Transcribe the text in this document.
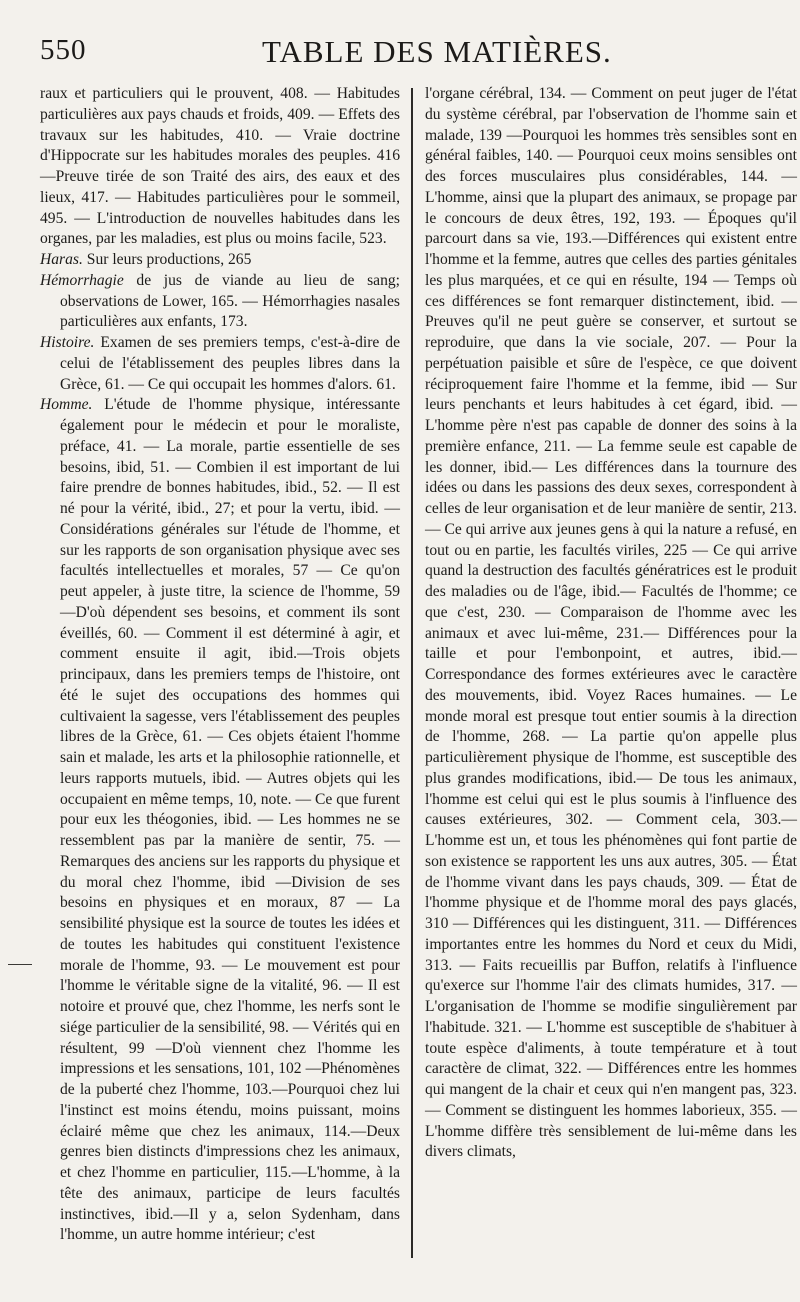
550	TABLE DES MATIÈRES.

raux et particuliers qui le prouvent, 408. — Habitudes particulières aux pays chauds et froids, 409. — Effets des travaux sur les habitudes, 410. — Vraie doctrine d'Hippocrate sur les habitudes morales des peuples. 416—Preuve tirée de son Traité des airs, des eaux et des lieux, 417. — Habitudes particulières pour le sommeil, 495. — L'introduction de nouvelles habitudes dans les organes, par les maladies, est plus ou moins facile, 523.

Haras. Sur leurs productions, 265

Hémorrhagie de jus de viande au lieu de sang; observations de Lower, 165. — Hémorrhagies nasales particulières aux enfants, 173.

Histoire. Examen de ses premiers temps, c'est-à-dire de celui de l'établissement des peuples libres dans la Grèce, 61. — Ce qui occupait les hommes d'alors. 61.

Homme. L'étude de l'homme physique, intéressante également pour le médecin et pour le moraliste, préface, 41. — La morale, partie essentielle de ses besoins, ibid, 51. — Combien il est important de lui faire prendre de bonnes habitudes, ibid., 52. — Il est né pour la vérité, ibid., 27; et pour la vertu, ibid. — Considérations générales sur l'étude de l'homme, et sur les rapports de son organisation physique avec ses facultés intellectuelles et morales, 57 — Ce qu'on peut appeler, à juste titre, la science de l'homme, 59 —D'où dépendent ses besoins, et comment ils sont éveillés, 60. — Comment il est déterminé à agir, et comment ensuite il agit, ibid.—Trois objets principaux, dans les premiers temps de l'histoire, ont été le sujet des occupations des hommes qui cultivaient la sagesse, vers l'établissement des peuples libres de la Grèce, 61. — Ces objets étaient l'homme sain et malade, les arts et la philosophie rationnelle, et leurs rapports mutuels, ibid. — Autres objets qui les occupaient en même temps, 10, note. — Ce que furent pour eux les théogonies, ibid. — Les hommes ne se ressemblent pas par la manière de sentir, 75. — Remarques des anciens sur les rapports du physique et du moral chez l'homme, ibid —Division de ses besoins en physiques et en moraux, 87 — La sensibilité physique est la source de toutes les idées et de toutes les habitudes qui constituent l'existence morale de l'homme, 93. — Le mouvement est pour l'homme le véritable signe de la vitalité, 96. — Il est notoire et prouvé que, chez l'homme, les nerfs sont le siége particulier de la sensibilité, 98. — Vérités qui en résultent, 99 —D'où viennent chez l'homme les impressions et les sensations, 101, 102 —Phénomènes de la puberté chez l'homme, 103.—Pourquoi chez lui l'instinct est moins étendu, moins puissant, moins éclairé même que chez les animaux, 114.—Deux genres bien distincts d'impressions chez les animaux, et chez l'homme en particulier, 115.—L'homme, à la tête des animaux, participe de leurs facultés instinctives, ibid.—Il y a, selon Sydenham, dans l'homme, un autre homme intérieur; c'est

l'organe cérébral, 134. — Comment on peut juger de l'état du système cérébral, par l'observation de l'homme sain et malade, 139 —Pourquoi les hommes très sensibles sont en général faibles, 140. — Pourquoi ceux moins sensibles ont des forces musculaires plus considérables, 144. — L'homme, ainsi que la plupart des animaux, se propage par le concours de deux êtres, 192, 193. — Époques qu'il parcourt dans sa vie, 193.—Différences qui existent entre l'homme et la femme, autres que celles des parties génitales les plus marquées, et ce qui en résulte, 194 — Temps où ces différences se font remarquer distinctement, ibid. — Preuves qu'il ne peut guère se conserver, et surtout se reproduire, que dans la vie sociale, 207. — Pour la perpétuation paisible et sûre de l'espèce, ce que doivent réciproquement faire l'homme et la femme, ibid — Sur leurs penchants et leurs habitudes à cet égard, ibid. — L'homme père n'est pas capable de donner des soins à la première enfance, 211. — La femme seule est capable de les donner, ibid.— Les différences dans la tournure des idées ou dans les passions des deux sexes, correspondent à celles de leur organisation et de leur manière de sentir, 213. — Ce qui arrive aux jeunes gens à qui la nature a refusé, en tout ou en partie, les facultés viriles, 225 — Ce qui arrive quand la destruction des facultés génératrices est le produit des maladies ou de l'âge, ibid.— Facultés de l'homme; ce que c'est, 230. — Comparaison de l'homme avec les animaux et avec lui-même, 231.— Différences pour la taille et pour l'embonpoint, et autres, ibid.— Correspondance des formes extérieures avec le caractère des mouvements, ibid. Voyez Races humaines. — Le monde moral est presque tout entier soumis à la direction de l'homme, 268. — La partie qu'on appelle plus particulièrement physique de l'homme, est susceptible des plus grandes modifications, ibid.— De tous les animaux, l'homme est celui qui est le plus soumis à l'influence des causes extérieures, 302. — Comment cela, 303.— L'homme est un, et tous les phénomènes qui font partie de son existence se rapportent les uns aux autres, 305. — État de l'homme vivant dans les pays chauds, 309. — État de l'homme physique et de l'homme moral des pays glacés, 310 — Différences qui les distinguent, 311. — Différences importantes entre les hommes du Nord et ceux du Midi, 313. — Faits recueillis par Buffon, relatifs à l'influence qu'exerce sur l'homme l'air des climats humides, 317. — L'organisation de l'homme se modifie singulièrement par l'habitude. 321. — L'homme est susceptible de s'habituer à toute espèce d'aliments, à toute température et à tout caractère de climat, 322. — Différences entre les hommes qui mangent de la chair et ceux qui n'en mangent pas, 323. — Comment se distinguent les hommes laborieux, 355. — L'homme diffère très sensiblement de lui-même dans les divers climats,
